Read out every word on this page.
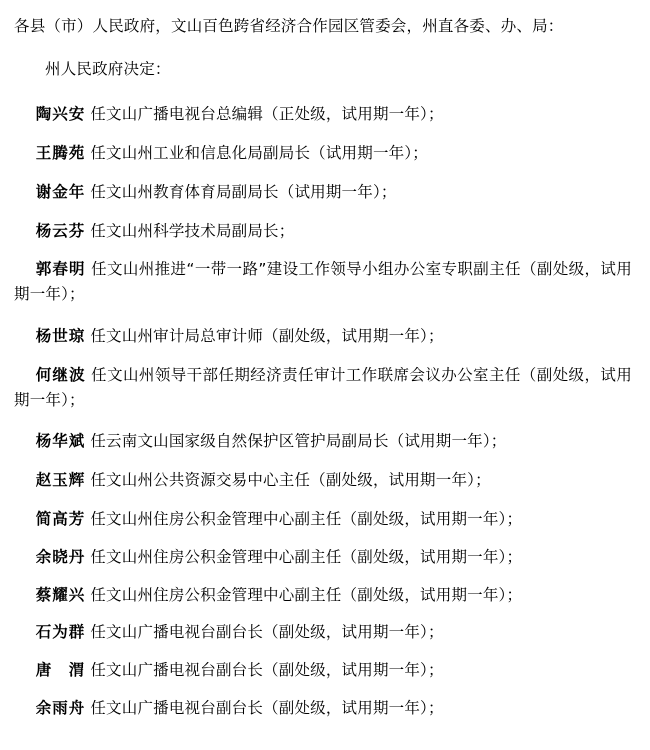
各县（市）人民政府，文山百色跨省经济合作园区管委会，州直各委、办、局：

州人民政府决定：

陶兴安 任文山广播电视台总编辑（正处级，试用期一年）；

王腾苑 任文山州工业和信息化局副局长（试用期一年）；

谢金年 任文山州教育体育局副局长（试用期一年）；

杨云芬 任文山州科学技术局副局长；

郭春明 任文山州推进“一带一路”建设工作领导小组办公室专职副主任（副处级，试用期一年）；

杨世琼 任文山州审计局总审计师（副处级，试用期一年）；

何继波 任文山州领导干部任期经济责任审计工作联席会议办公室主任（副处级，试用期一年）；

杨华斌 任云南文山国家级自然保护区管护局副局长（试用期一年）；

赵玉辉 任文山州公共资源交易中心主任（副处级，试用期一年）；

简高芳 任文山州住房公积金管理中心副主任（副处级，试用期一年）；

余晓丹 任文山州住房公积金管理中心副主任（副处级，试用期一年）；

蔡耀兴 任文山州住房公积金管理中心副主任（副处级，试用期一年）；

石为群 任文山广播电视台副台长（副处级，试用期一年）；

唐　渭 任文山广播电视台副台长（副处级，试用期一年）；

余雨舟 任文山广播电视台副台长（副处级，试用期一年）；
